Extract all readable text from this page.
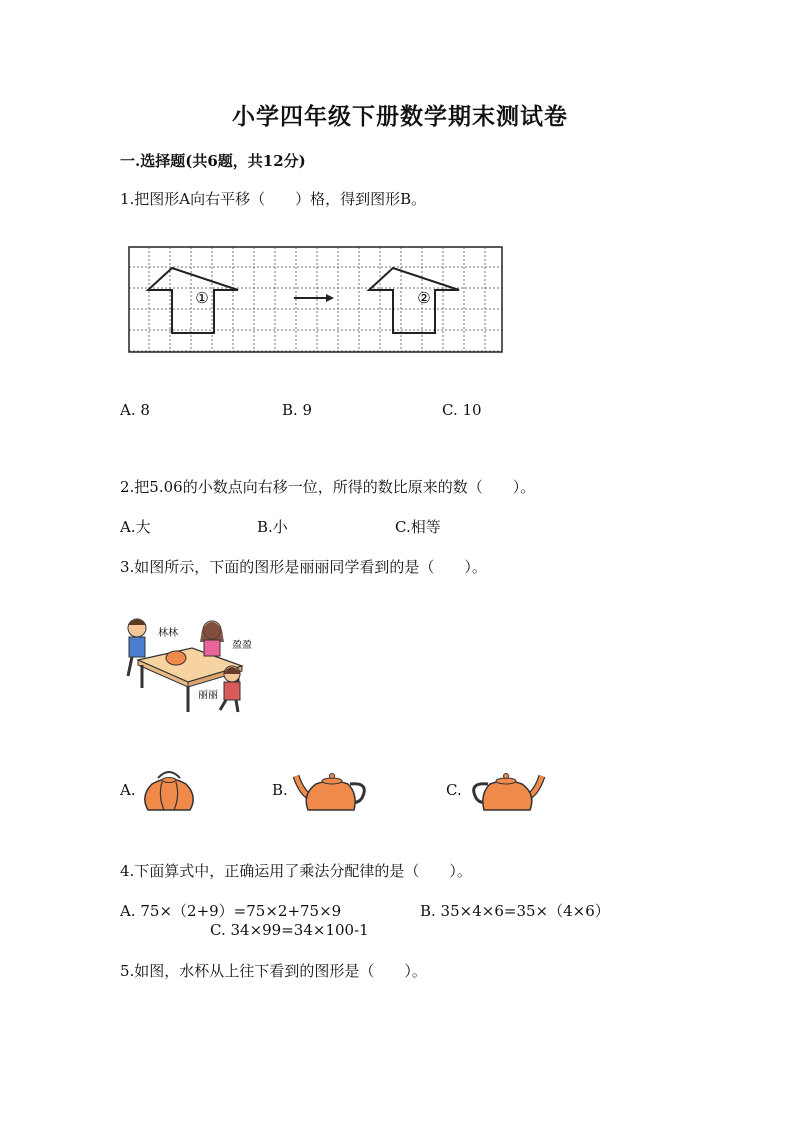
小学四年级下册数学期末测试卷
一.选择题(共6题，共12分)
1.把图形A向右平移（　　）格，得到图形B。
①	②
A. 8	B. 9	C. 10
2.把5.06的小数点向右移一位，所得的数比原来的数（　　）。
A.大	B.小	C.相等
3.如图所示，下面的图形是丽丽同学看到的是（　　）。
林林
盈盈
丽丽
A.	B.	C.
4.下面算式中，正确运用了乘法分配律的是（　　）。
A. 75×（2+9）=75×2+75×9	B. 35×4×6=35×（4×6）
C. 34×99=34×100-1
5.如图，水杯从上往下看到的图形是（　　）。
